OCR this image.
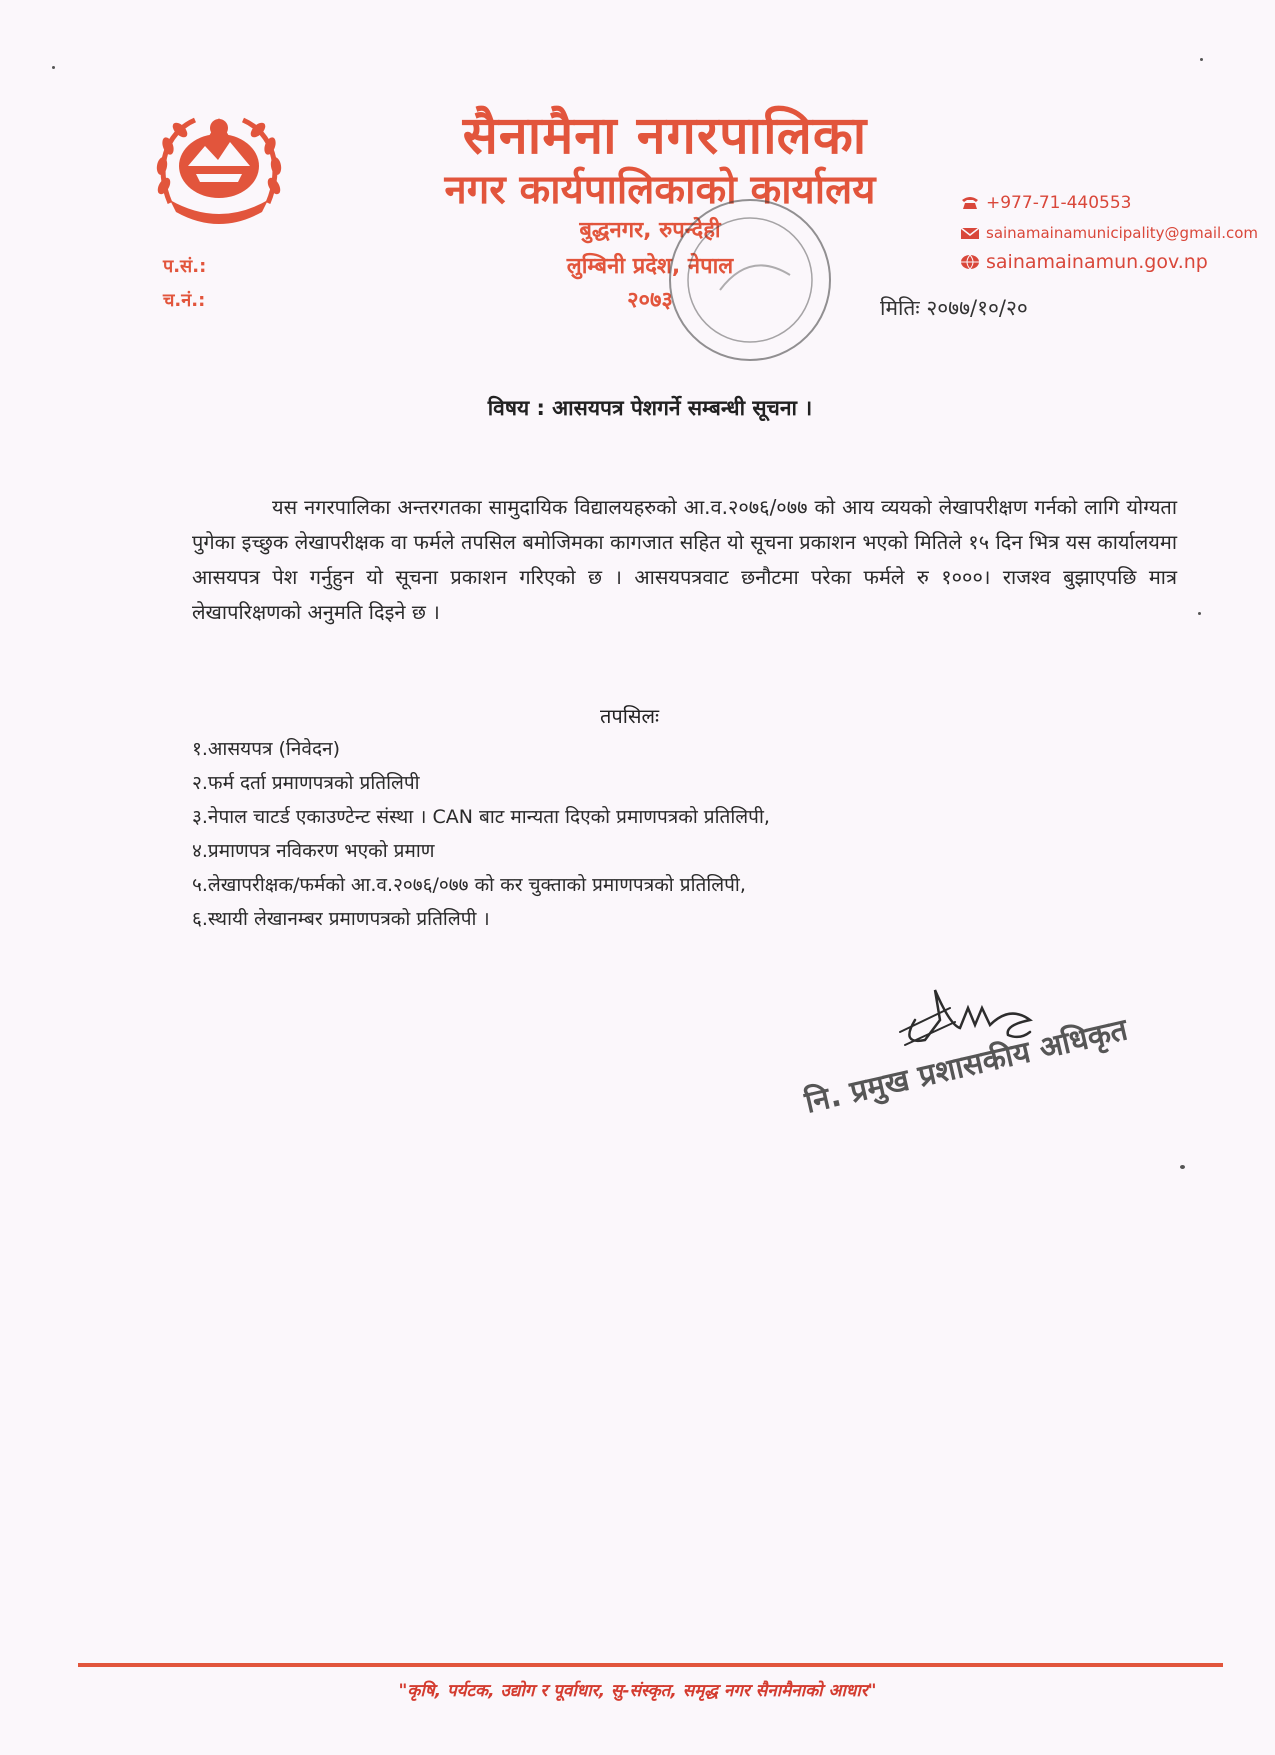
सैनामैना नगरपालिका
नगर कार्यपालिकाको कार्यालय
बुद्धनगर, रुपन्देही
लुम्बिनी प्रदेश, नेपाल
२०७३
+977-71-440553
sainamainamunicipality@gmail.com
sainamainamun.gov.np
प.सं.:
च.नं.:	मितिः २०७७/१०/२०
विषय : आसयपत्र पेशगर्ने सम्बन्धी सूचना ।
यस नगरपालिका अन्तरगतका सामुदायिक विद्यालयहरुको आ.व.२०७६/०७७ को आय व्ययको लेखापरीक्षण गर्नको लागि योग्यता पुगेका इच्छुक लेखापरीक्षक वा फर्मले तपसिल बमोजिमका कागजात सहित यो सूचना प्रकाशन भएको मितिले १५ दिन भित्र यस कार्यालयमा आसयपत्र पेश गर्नुहुन यो सूचना प्रकाशन गरिएको छ । आसयपत्रवाट छनौटमा परेका फर्मले रु १०००। राजश्व बुझाएपछि मात्र लेखापरिक्षणको अनुमति दिइने छ ।
तपसिलः
१.आसयपत्र (निवेदन)
२.फर्म दर्ता प्रमाणपत्रको प्रतिलिपी
३.नेपाल चाटर्ड एकाउण्टेन्ट संस्था । CAN बाट मान्यता दिएको प्रमाणपत्रको प्रतिलिपी,
४.प्रमाणपत्र नविकरण भएको प्रमाण
५.लेखापरीक्षक/फर्मको आ.व.२०७६/०७७ को कर चुक्ताको प्रमाणपत्रको प्रतिलिपी,
६.स्थायी लेखानम्बर प्रमाणपत्रको प्रतिलिपी ।
नि. प्रमुख प्रशासकीय अधिकृत
"कृषि, पर्यटक, उद्योग र पूर्वाधार, सु-संस्कृत, समृद्ध नगर सैनामैनाको आधार"
